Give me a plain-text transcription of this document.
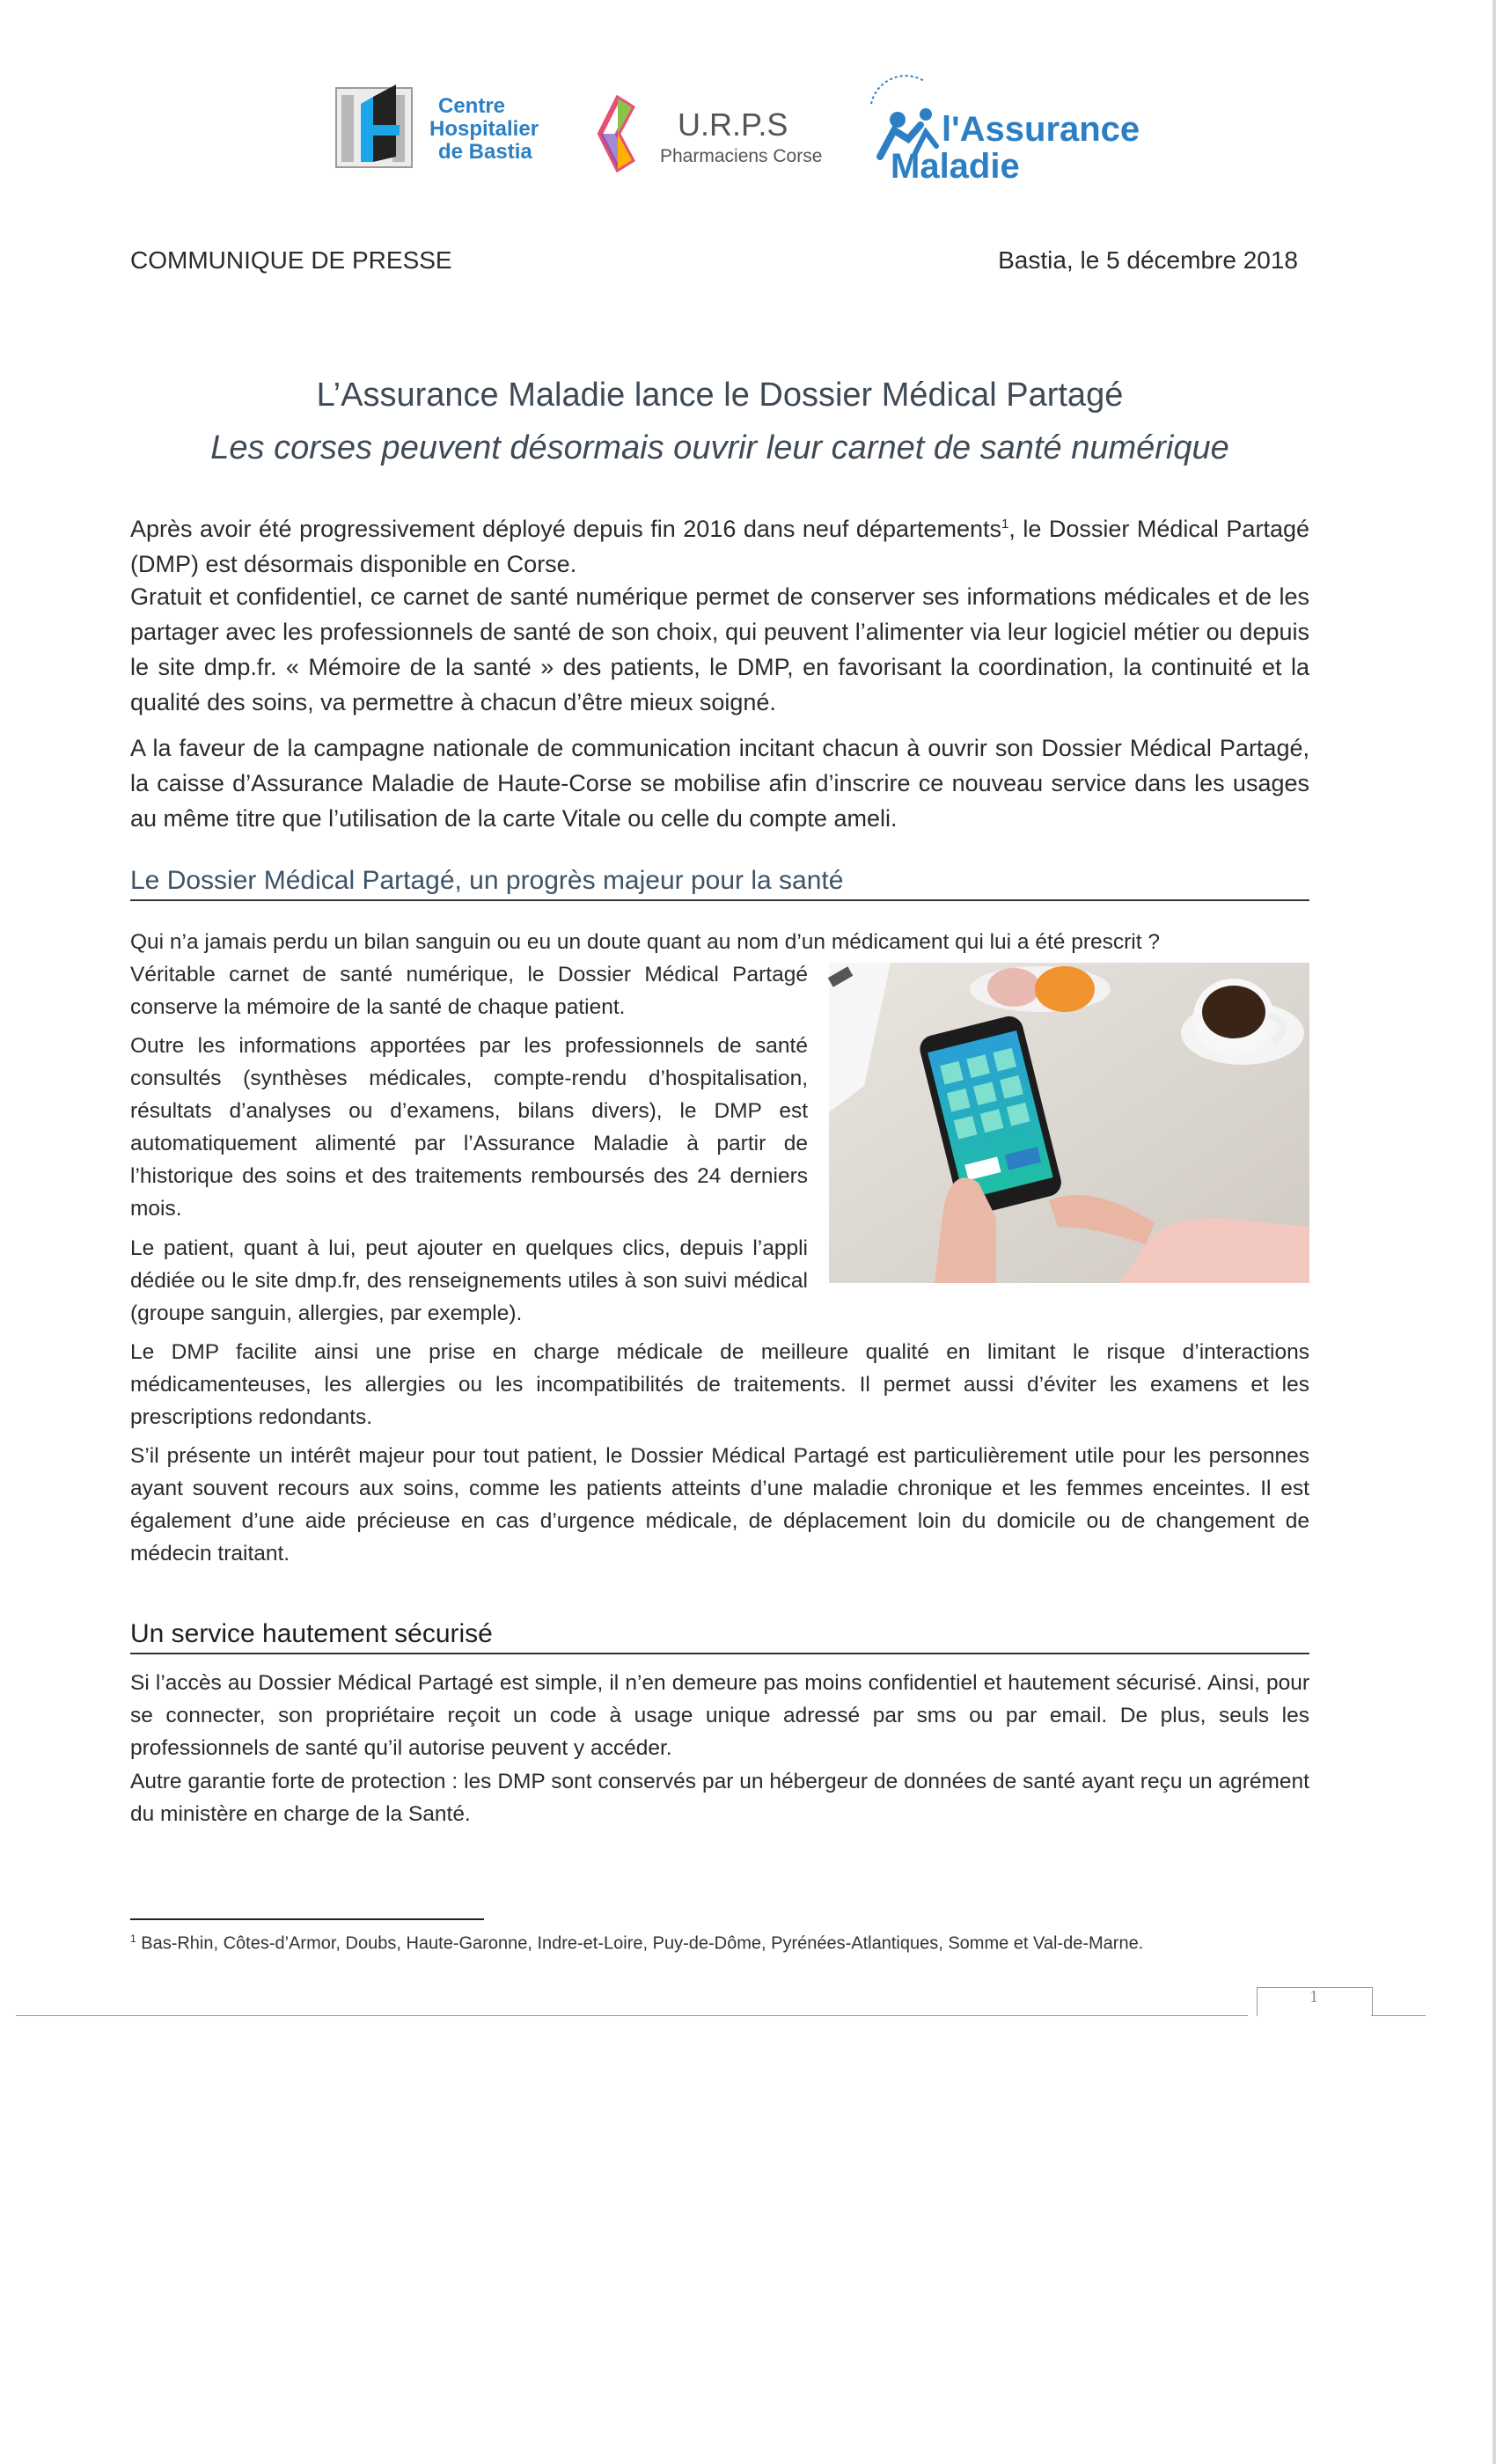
Centre
Hospitalier
de Bastia
U.R.P.S
Pharmaciens Corse
l'Assurance
Maladie
COMMUNIQUE DE PRESSE	Bastia, le 5 décembre 2018
L’Assurance Maladie lance le Dossier Médical Partagé
Les corses peuvent désormais ouvrir leur carnet de santé numérique

Après avoir été progressivement déployé depuis fin 2016 dans neuf départements$^1$, le Dossier Médical Partagé (DMP) est désormais disponible en Corse.

Gratuit et confidentiel, ce carnet de santé numérique permet de conserver ses informations médicales et de les partager avec les professionnels de santé de son choix, qui peuvent l’alimenter via leur logiciel métier ou depuis le site dmp.fr. « Mémoire de la santé » des patients, le DMP, en favorisant la coordination, la continuité et la qualité des soins, va permettre à chacun d’être mieux soigné.

A la faveur de la campagne nationale de communication incitant chacun à ouvrir son Dossier Médical Partagé, la caisse d’Assurance Maladie de Haute-Corse se mobilise afin d’inscrire ce nouveau service dans les usages au même titre que l’utilisation de la carte Vitale ou celle du compte ameli.

Le Dossier Médical Partagé, un progrès majeur pour la santé

Qui n’a jamais perdu un bilan sanguin ou eu un doute quant au nom d’un médicament qui lui a été prescrit ?

Véritable carnet de santé numérique, le Dossier Médical Partagé conserve la mémoire de la santé de chaque patient.

Outre les informations apportées par les professionnels de santé consultés (synthèses médicales, compte-rendu d’hospitalisation, résultats d’analyses ou d’examens, bilans divers), le DMP est automatiquement alimenté par l’Assurance Maladie à partir de l’historique des soins et des traitements remboursés des 24 derniers mois.

Le patient, quant à lui, peut ajouter en quelques clics, depuis l’appli dédiée ou le site dmp.fr, des renseignements utiles à son suivi médical (groupe sanguin, allergies, par exemple).

Le DMP facilite ainsi une prise en charge médicale de meilleure qualité en limitant le risque d’interactions médicamenteuses, les allergies ou les incompatibilités de traitements. Il permet aussi d’éviter les examens et les prescriptions redondants.

S’il présente un intérêt majeur pour tout patient, le Dossier Médical Partagé est particulièrement utile pour les personnes ayant souvent recours aux soins, comme les patients atteints d’une maladie chronique et les femmes enceintes. Il est également d’une aide précieuse en cas d’urgence médicale, de déplacement loin du domicile ou de changement de médecin traitant.

Un service hautement sécurisé

Si l’accès au Dossier Médical Partagé est simple, il n’en demeure pas moins confidentiel et hautement sécurisé. Ainsi, pour se connecter, son propriétaire reçoit un code à usage unique adressé par sms ou par email. De plus, seuls les professionnels de santé qu’il autorise peuvent y accéder.

Autre garantie forte de protection : les DMP sont conservés par un hébergeur de données de santé ayant reçu un agrément du ministère en charge de la Santé.

$^1$ Bas-Rhin, Côtes-d’Armor, Doubs, Haute-Garonne, Indre-et-Loire, Puy-de-Dôme, Pyrénées-Atlantiques, Somme et Val-de-Marne.
1
